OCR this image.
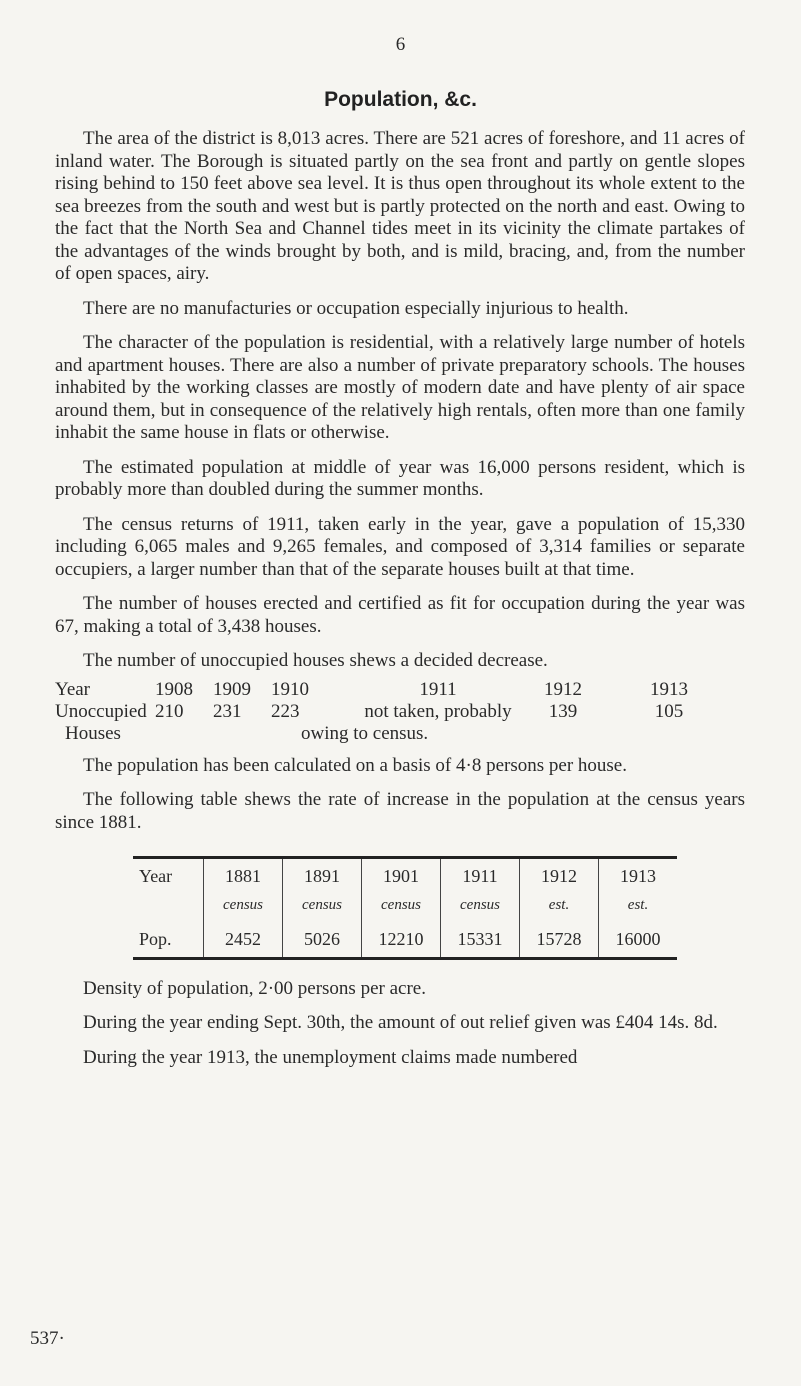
6
Population, &c.

The area of the district is 8,013 acres. There are 521 acres of foreshore, and 11 acres of inland water. The Borough is situated partly on the sea front and partly on gentle slopes rising behind to 150 feet above sea level. It is thus open throughout its whole extent to the sea breezes from the south and west but is partly protected on the north and east. Owing to the fact that the North Sea and Channel tides meet in its vicinity the climate partakes of the advantages of the winds brought by both, and is mild, bracing, and, from the number of open spaces, airy.

There are no manufacturies or occupation especially injurious to health.

The character of the population is residential, with a relatively large number of hotels and apartment houses. There are also a number of private preparatory schools. The houses inhabited by the working classes are mostly of modern date and have plenty of air space around them, but in consequence of the relatively high rentals, often more than one family inhabit the same house in flats or otherwise.

The estimated population at middle of year was 16,000 persons resident, which is probably more than doubled during the summer months.

The census returns of 1911, taken early in the year, gave a population of 15,330 including 6,065 males and 9,265 females, and composed of 3,314 families or separate occupiers, a larger number than that of the separate houses built at that time.

The number of houses erected and certified as fit for occupation during the year was 67, making a total of 3,438 houses.

The number of unoccupied houses shews a decided decrease.

Year	1908	1909	1910	1911	1912	1913
Unoccupied	210	231	223	not taken, probably	139	105
Houses			owing to census.			

The population has been calculated on a basis of 4·8 persons per house.

The following table shews the rate of increase in the population at the census years since 1881.

Year	1881	1891	1901	1911	1912	1913
	census	census	census	census	est.	est.
Pop.	2452	5026	12210	15331	15728	16000

Density of population, 2·00 persons per acre.

During the year ending Sept. 30th, the amount of out relief given was £404 14s. 8d.

During the year 1913, the unemployment claims made numbered

537·
